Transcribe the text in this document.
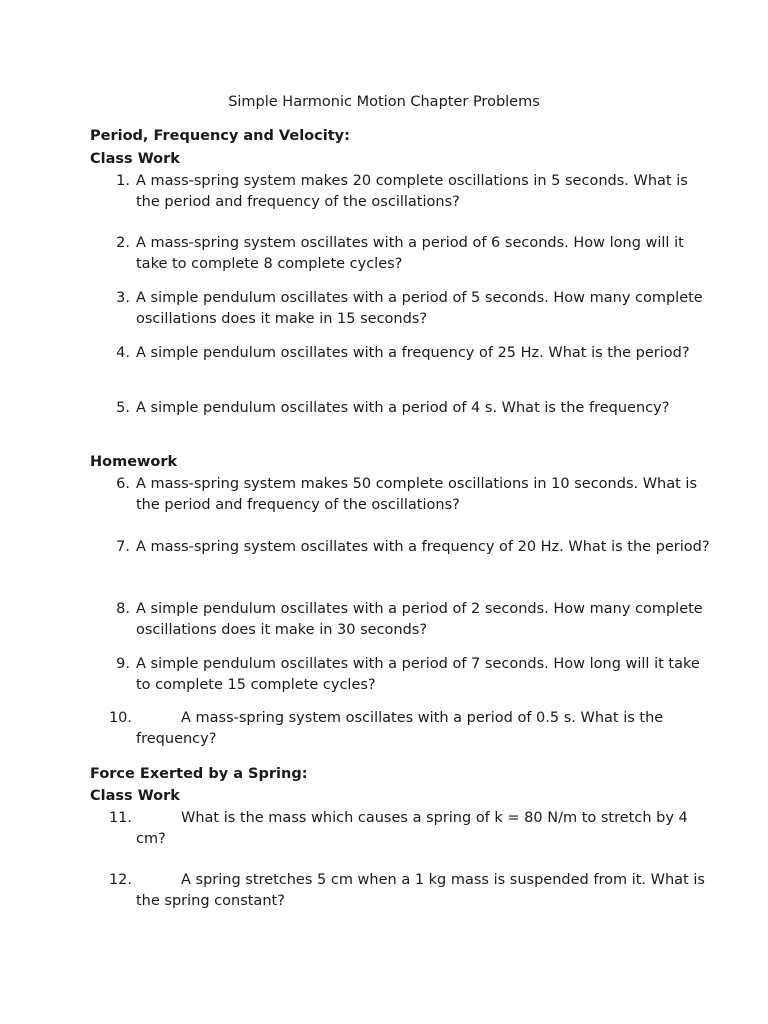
Simple Harmonic Motion Chapter Problems
Period, Frequency and Velocity:
Class Work
1. A mass-spring system makes 20 complete oscillations in 5 seconds. What is the period and frequency of the oscillations?
2. A mass-spring system oscillates with a period of 6 seconds. How long will it take to complete 8 complete cycles?
3. A simple pendulum oscillates with a period of 5 seconds. How many complete oscillations does it make in 15 seconds?
4. A simple pendulum oscillates with a frequency of 25 Hz. What is the period?
5. A simple pendulum oscillates with a period of 4 s. What is the frequency?
Homework
6. A mass-spring system makes 50 complete oscillations in 10 seconds. What is the period and frequency of the oscillations?
7. A mass-spring system oscillates with a frequency of 20 Hz. What is the period?
8. A simple pendulum oscillates with a period of 2 seconds. How many complete oscillations does it make in 30 seconds?
9. A simple pendulum oscillates with a period of 7 seconds. How long will it take to complete 15 complete cycles?
10.	A mass-spring system oscillates with a period of 0.5 s. What is the frequency?
Force Exerted by a Spring:
Class Work
11.	What is the mass which causes a spring of k = 80 N/m to stretch by 4 cm?
12.	A spring stretches 5 cm when a 1 kg mass is suspended from it. What is the spring constant?
